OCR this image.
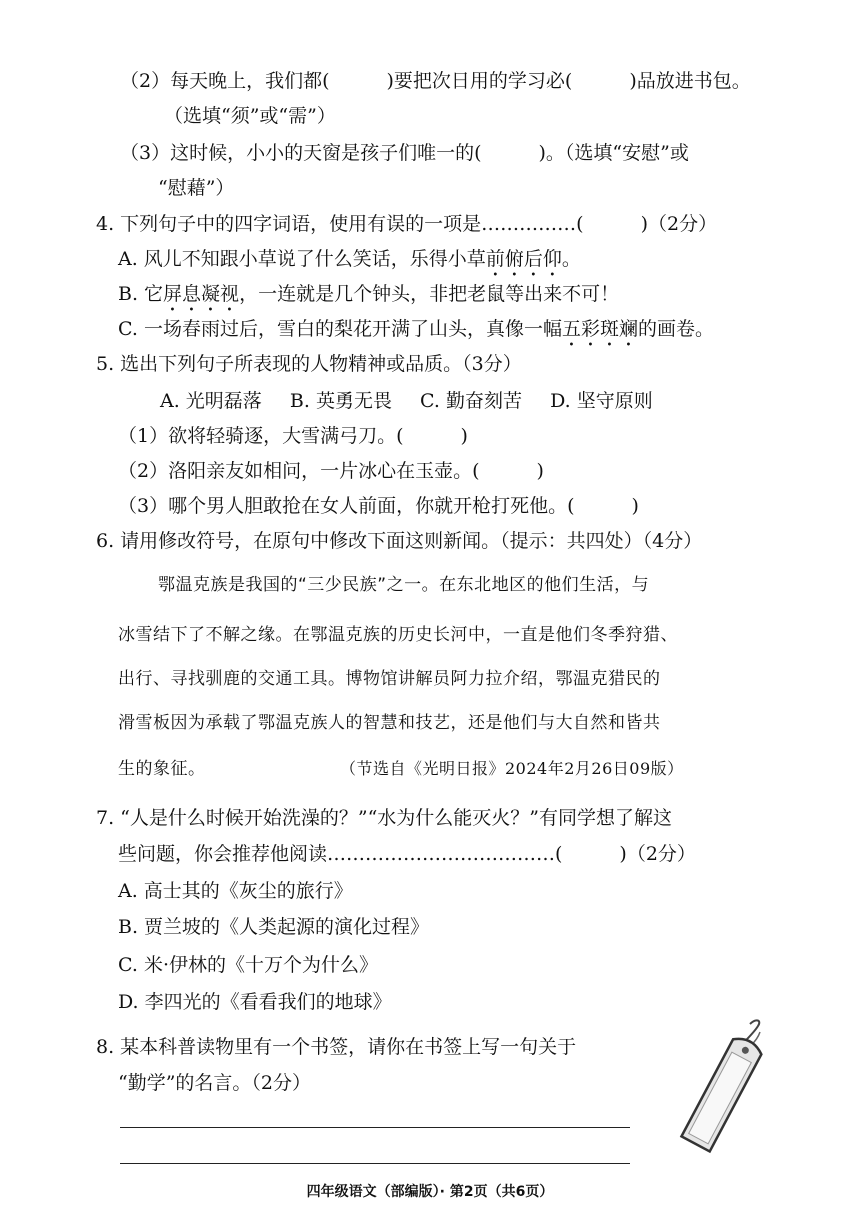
（2）每天晚上，我们都(　　　)要把次日用的学习必(　　　)品放进书包。
（选填“须”或“需”）
（3）这时候，小小的天窗是孩子们唯一的(　　　)。（选填“安慰”或
“慰藉”）
4. 下列句子中的四字词语，使用有误的一项是……………(　　　)（2分）
A. 风儿不知跟小草说了什么笑话，乐得小草前俯后仰。
B. 它屏息凝视，一连就是几个钟头，非把老鼠等出来不可！
C. 一场春雨过后，雪白的梨花开满了山头，真像一幅五彩斑斓的画卷。
5. 选出下列句子所表现的人物精神或品质。（3分）
A. 光明磊落 B. 英勇无畏 C. 勤奋刻苦 D. 坚守原则
（1）欲将轻骑逐，大雪满弓刀。(　　　)
（2）洛阳亲友如相问，一片冰心在玉壶。(　　　)
（3）哪个男人胆敢抢在女人前面，你就开枪打死他。(　　　)
6. 请用修改符号，在原句中修改下面这则新闻。（提示：共四处）（4分）
鄂温克族是我国的“三少民族”之一。在东北地区的他们生活，与
冰雪结下了不解之缘。在鄂温克族的历史长河中，一直是他们冬季狩猎、
出行、寻找驯鹿的交通工具。博物馆讲解员阿力拉介绍，鄂温克猎民的
滑雪板因为承载了鄂温克族人的智慧和技艺，还是他们与大自然和皆共
生的象征。	（节选自《光明日报》2024年2月26日09版）
7. “人是什么时候开始洗澡的？”“水为什么能灭火？”有同学想了解这
些问题，你会推荐他阅读………………………………(　　　)（2分）
A. 高士其的《灰尘的旅行》
B. 贾兰坡的《人类起源的演化过程》
C. 米·伊林的《十万个为什么》
D. 李四光的《看看我们的地球》
8. 某本科普读物里有一个书签，请你在书签上写一句关于
“勤学”的名言。（2分）
四年级语文（部编版）· 第2页（共6页）
